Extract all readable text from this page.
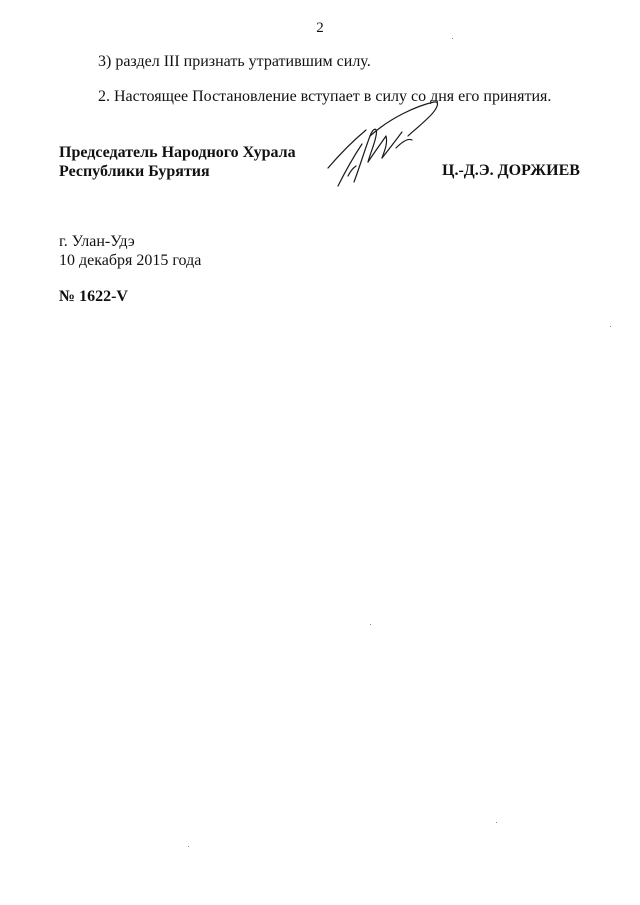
2
3) раздел III признать утратившим силу.
2. Настоящее Постановление вступает в силу со дня его принятия.
Председатель Народного Хурала
Республики Бурятия	Ц.-Д.Э. ДОРЖИЕВ
г. Улан-Удэ
10 декабря 2015 года
№ 1622-V
